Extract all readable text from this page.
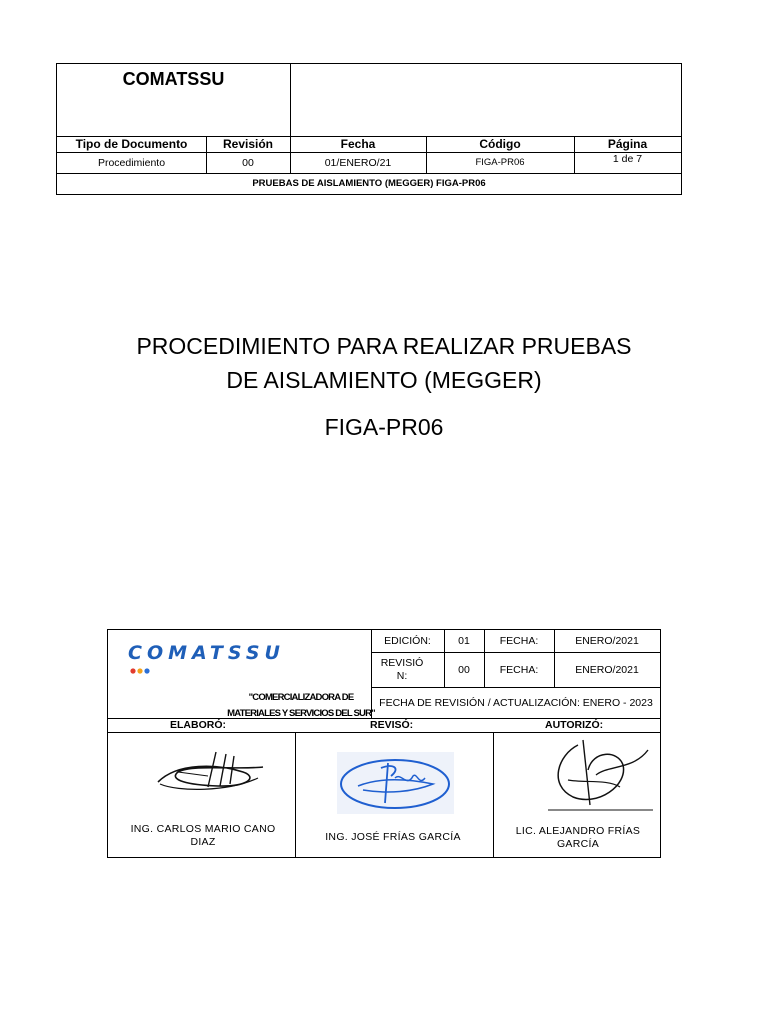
COMATSSU
Tipo de Documento	Revisión	Fecha	Código	Página
Procedimiento	00	01/ENERO/21	FIGA-PR06	1 de 7
PRUEBAS DE AISLAMIENTO (MEGGER) FIGA-PR06
PROCEDIMIENTO PARA REALIZAR PRUEBAS
DE AISLAMIENTO (MEGGER)
FIGA-PR06
COMATSSU
"COMERCIALIZADORA DE MATERIALES Y SERVICIOS DEL SUR"
EDICIÓN:	01	FECHA:	ENERO/2021
REVISIÓN:	00	FECHA:	ENERO/2021
FECHA DE REVISIÓN / ACTUALIZACIÓN: ENERO - 2023
ELABORÓ:	REVISÓ:	AUTORIZÓ:
ING. CARLOS MARIO CANO DIAZ	ING. JOSÉ FRÍAS GARCÍA	LIC. ALEJANDRO FRÍAS GARCÍA
